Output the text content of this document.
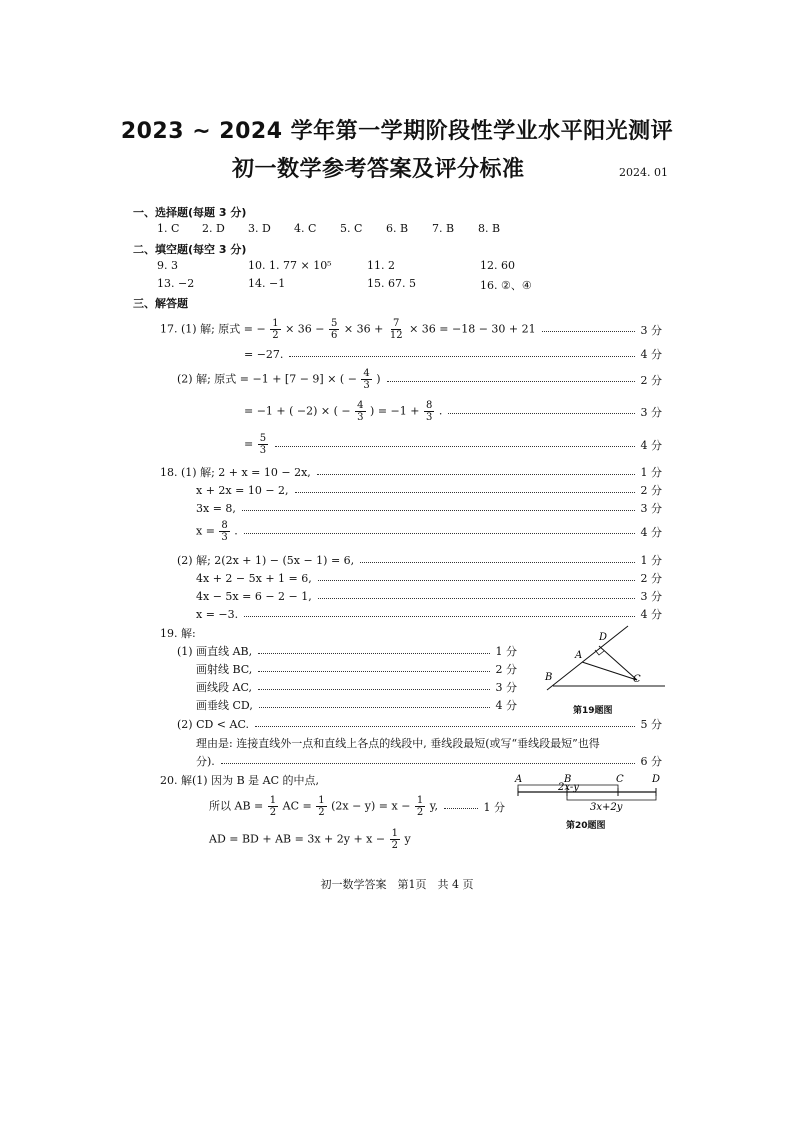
2023 ~ 2024 学年第一学期阶段性学业水平阳光测评
初一数学参考答案及评分标准	2024. 01
一、选择题(每题 3 分)
1. C 2. D 3. D 4. C 5. C 6. B 7. B 8. B
二、填空题(每空 3 分)
9. 3	10. 1. 77 × 10⁵	11. 2	12. 60
13. −2	14. −1	15. 67. 5	16. ②、④
三、解答题
17. (1) 解; 原式 = − $\frac{1}{2} \times 36 - \frac{5}{6} \times 36 + \frac{7}{12} \times 36 = -18 - 30 + 21$	3 分
= −27.	4 分
(2) 解; 原式 = −1 + [7 − 9] × ( − $\frac{4}{3}$ )	2 分
= −1 + ( −2) × ( − $\frac{4}{3}$ ) = $-1 + \frac{8}{3}$ .	3 分
= $\frac{5}{3}$	4 分
18. (1) 解; 2 + x = 10 − 2x,	1 分
x + 2x = 10 − 2,	2 分
3x = 8,	3 分
$x = \frac{8}{3}$ .	4 分
(2) 解; 2(2x + 1) − (5x − 1) = 6,	1 分
4x + 2 − 5x + 1 = 6,	2 分
4x − 5x = 6 − 2 − 1,	3 分
x = −3.	4 分
19. 解:
(1) 画直线 AB,	1 分
画射线 BC,	2 分
画线段 AC,	3 分
画垂线 CD,	4 分
A
B	C
D
第19题图
(2) CD < AC.	5 分
理由是: 连接直线外一点和直线上各点的线段中, 垂线段最短(或写“垂线段最短”也得
分).	6 分
20. 解(1) 因为 B 是 AC 的中点,
所以 AB = $\frac{1}{2}$ AC = $\frac{1}{2} (2x - y) = x - \frac{1}{2} y$,	1 分
AD = BD + AB = $3x + 2y + x - \frac{1}{2}$ y
A	B	C	D
2x-y
3x+2y
第20题图
初一数学答案　第1页　共 4 页
